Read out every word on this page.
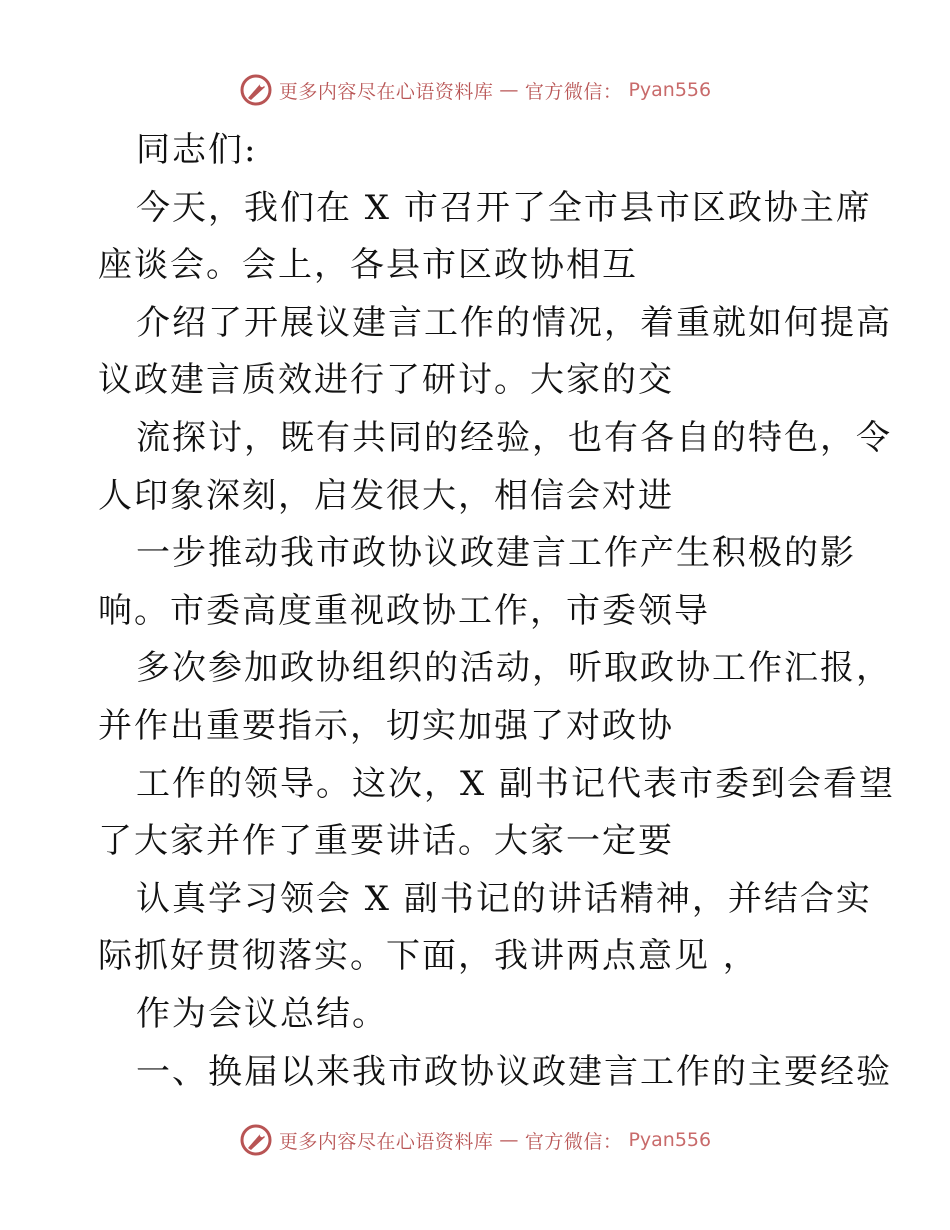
更多内容尽在心语资料库 — 官方微信： Pyan556
同志们:
今天，我们在 X 市召开了全市县市区政协主席
座谈会。会上，各县市区政协相互
介绍了开展议建言工作的情况，着重就如何提高
议政建言质效进行了研讨。大家的交
流探讨，既有共同的经验，也有各自的特色，令
人印象深刻，启发很大，相信会对进
一步推动我市政协议政建言工作产生积极的影
响。市委高度重视政协工作，市委领导
多次参加政协组织的活动，听取政协工作汇报，
并作出重要指示，切实加强了对政协
工作的领导。这次，X 副书记代表市委到会看望
了大家并作了重要讲话。大家一定要
认真学习领会 X 副书记的讲话精神，并结合实
际抓好贯彻落实。下面，我讲两点意见 ，
作为会议总结。
一、换届以来我市政协议政建言工作的主要经验
更多内容尽在心语资料库 — 官方微信： Pyan556
